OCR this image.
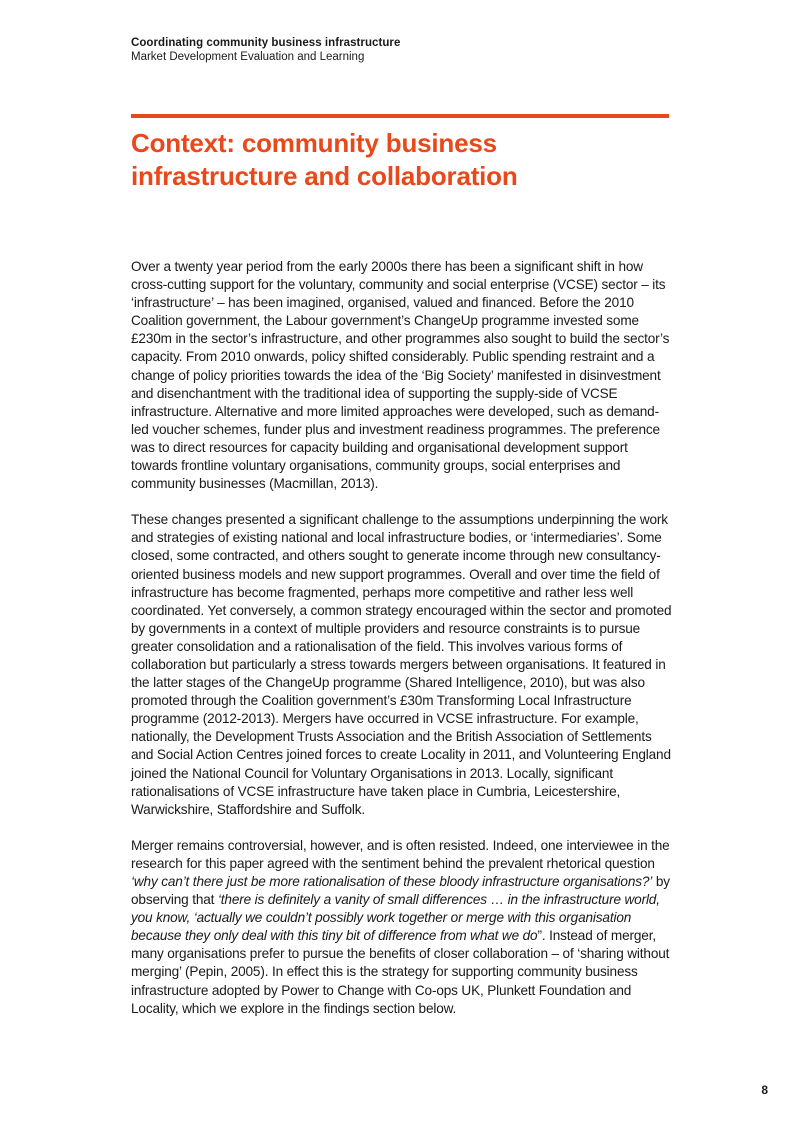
Coordinating community business infrastructure
Market Development Evaluation and Learning
Context: community business
infrastructure and collaboration

Over a twenty year period from the early 2000s there has been a significant shift in how cross-cutting support for the voluntary, community and social enterprise (VCSE) sector – its ‘infrastructure’ – has been imagined, organised, valued and financed. Before the 2010 Coalition government, the Labour government’s ChangeUp programme invested some £230m in the sector’s infrastructure, and other programmes also sought to build the sector’s capacity. From 2010 onwards, policy shifted considerably. Public spending restraint and a change of policy priorities towards the idea of the ‘Big Society’ manifested in disinvestment and disenchantment with the traditional idea of supporting the supply-side of VCSE infrastructure. Alternative and more limited approaches were developed, such as demand-led voucher schemes, funder plus and investment readiness programmes. The preference was to direct resources for capacity building and organisational development support towards frontline voluntary organisations, community groups, social enterprises and community businesses (Macmillan, 2013).

These changes presented a significant challenge to the assumptions underpinning the work and strategies of existing national and local infrastructure bodies, or ‘intermediaries’. Some closed, some contracted, and others sought to generate income through new consultancy-oriented business models and new support programmes. Overall and over time the field of infrastructure has become fragmented, perhaps more competitive and rather less well coordinated. Yet conversely, a common strategy encouraged within the sector and promoted by governments in a context of multiple providers and resource constraints is to pursue greater consolidation and a rationalisation of the field. This involves various forms of collaboration but particularly a stress towards mergers between organisations. It featured in the latter stages of the ChangeUp programme (Shared Intelligence, 2010), but was also promoted through the Coalition government’s £30m Transforming Local Infrastructure programme (2012-2013). Mergers have occurred in VCSE infrastructure. For example, nationally, the Development Trusts Association and the British Association of Settlements and Social Action Centres joined forces to create Locality in 2011, and Volunteering England joined the National Council for Voluntary Organisations in 2013. Locally, significant rationalisations of VCSE infrastructure have taken place in Cumbria, Leicestershire, Warwickshire, Staffordshire and Suffolk.

Merger remains controversial, however, and is often resisted. Indeed, one interviewee in the research for this paper agreed with the sentiment behind the prevalent rhetorical question ‘why can’t there just be more rationalisation of these bloody infrastructure organisations?’ by observing that ‘there is definitely a vanity of small differences … in the infrastructure world, you know, ‘actually we couldn’t possibly work together or merge with this organisation because they only deal with this tiny bit of difference from what we do”. Instead of merger, many organisations prefer to pursue the benefits of closer collaboration – of ‘sharing without merging’ (Pepin, 2005). In effect this is the strategy for supporting community business infrastructure adopted by Power to Change with Co-ops UK, Plunkett Foundation and Locality, which we explore in the findings section below.

8
